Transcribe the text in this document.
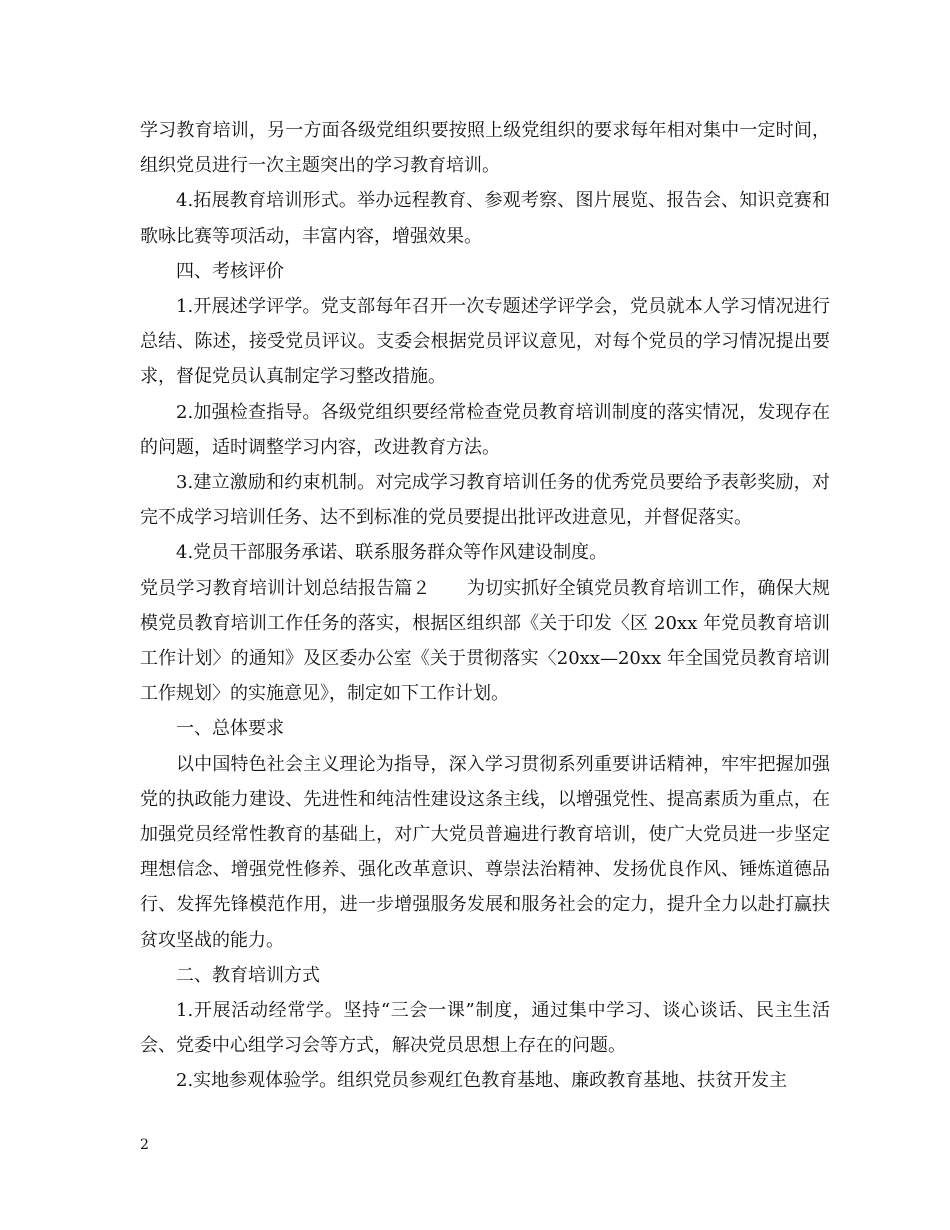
学习教育培训，另一方面各级党组织要按照上级党组织的要求每年相对集中一定时间，组织党员进行一次主题突出的学习教育培训。

4.拓展教育培训形式。举办远程教育、参观考察、图片展览、报告会、知识竞赛和歌咏比赛等项活动，丰富内容，增强效果。

四、考核评价

1.开展述学评学。党支部每年召开一次专题述学评学会，党员就本人学习情况进行总结、陈述，接受党员评议。支委会根据党员评议意见，对每个党员的学习情况提出要求，督促党员认真制定学习整改措施。

2.加强检查指导。各级党组织要经常检查党员教育培训制度的落实情况，发现存在的问题，适时调整学习内容，改进教育方法。

3.建立激励和约束机制。对完成学习教育培训任务的优秀党员要给予表彰奖励，对完不成学习培训任务、达不到标准的党员要提出批评改进意见，并督促落实。

4.党员干部服务承诺、联系服务群众等作风建设制度。

党员学习教育培训计划总结报告篇２　　为切实抓好全镇党员教育培训工作，确保大规模党员教育培训工作任务的落实，根据区组织部《关于印发〈区 20xx 年党员教育培训工作计划〉的通知》及区委办公室《关于贯彻落实〈20xx—20xx 年全国党员教育培训工作规划〉的实施意见》，制定如下工作计划。

一、总体要求

以中国特色社会主义理论为指导，深入学习贯彻系列重要讲话精神，牢牢把握加强党的执政能力建设、先进性和纯洁性建设这条主线，以增强党性、提高素质为重点，在加强党员经常性教育的基础上，对广大党员普遍进行教育培训，使广大党员进一步坚定理想信念、增强党性修养、强化改革意识、尊崇法治精神、发扬优良作风、锤炼道德品行、发挥先锋模范作用，进一步增强服务发展和服务社会的定力，提升全力以赴打赢扶贫攻坚战的能力。

二、教育培训方式

1.开展活动经常学。坚持“三会一课”制度，通过集中学习、谈心谈话、民主生活会、党委中心组学习会等方式，解决党员思想上存在的问题。

2.实地参观体验学。组织党员参观红色教育基地、廉政教育基地、扶贫开发主

2
